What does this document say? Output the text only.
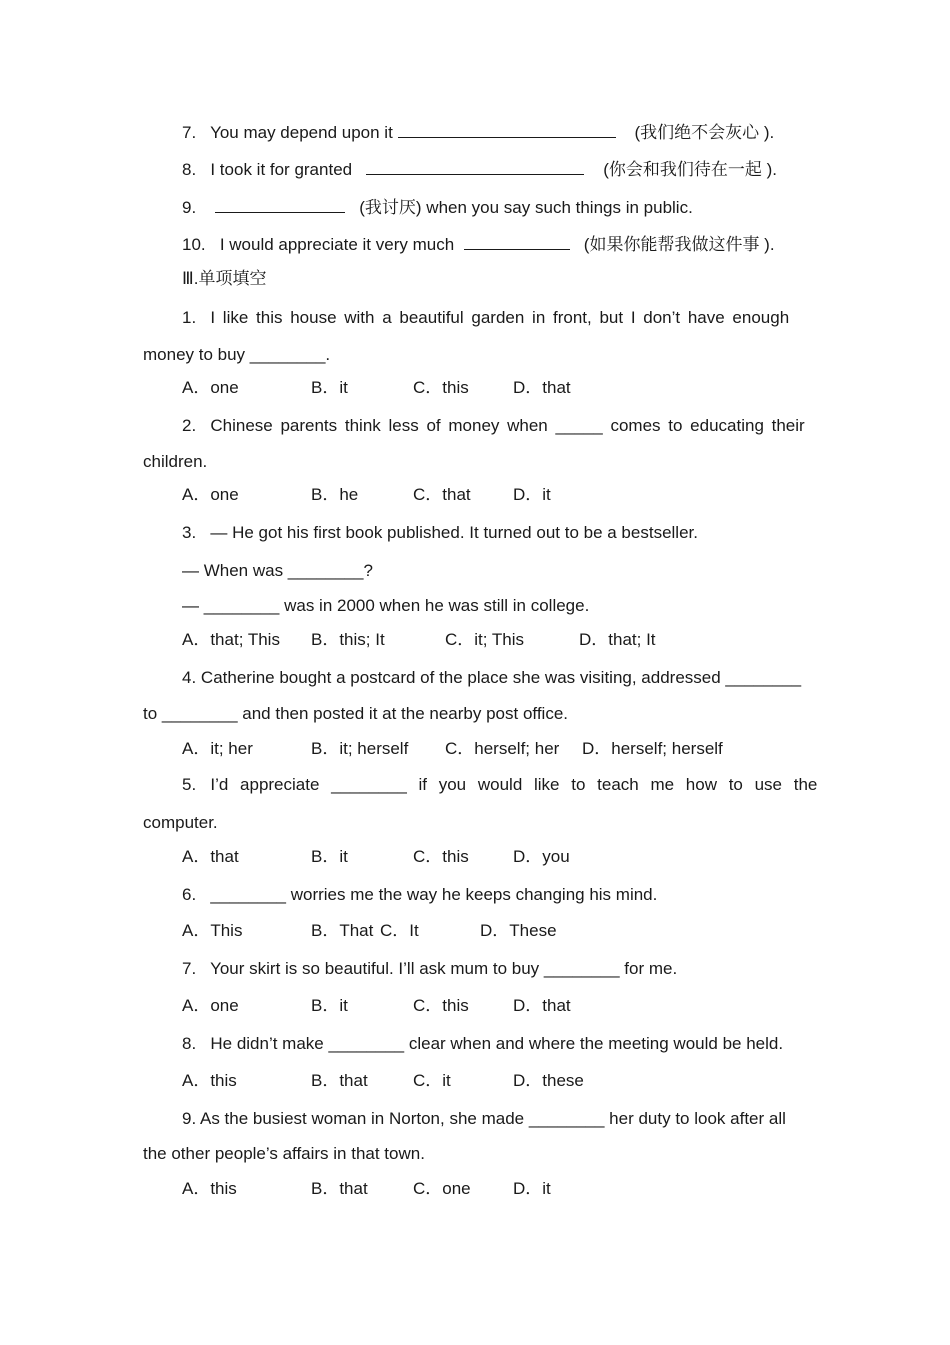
7. You may depend upon it	(我们绝不会灰心 ).
8. I took it for granted	(你会和我们待在一起 ).
9.	(我讨厌) when you say such things in public.
10. I would appreciate it very much	(如果你能帮我做这件事 ).
Ⅲ.单项填空
1. I like this house with a beautiful garden in front, but I don’t have enough
money to buy ________.
A．one	B．it	C．this	D．that
2. Chinese parents think less of money when _____ comes to educating their
children.
A．one	B．he	C．that D．it
3. — He got his first book published. It turned out to be a bestseller.
— When was ________?
— ________ was in 2000 when he was still in college.
A．that; This B．this; It	C．it; This	D．that; It
4. Catherine bought a postcard of the place she was visiting, addressed ________
to ________ and then posted it at the nearby post office.
A．it; her	B．it; herself C．herself; her D．herself; herself
5. I’d appreciate ________ if you would like to teach me how to use the
computer.
A．that	B．it	C．this	D．you
6. ________ worries me the way he keeps changing his mind.
A．This	B．That C．It	D．These
7. Your skirt is so beautiful. I’ll ask mum to buy ________ for me.
A．one	B．it	C．this	D．that
8. He didn’t make ________ clear when and where the meeting would be held.
A．this	B．that	C．it	D．these
9. As the busiest woman in Norton, she made ________ her duty to look after all
the other people’s affairs in that town.
A．this	B．that	C．one D．it
